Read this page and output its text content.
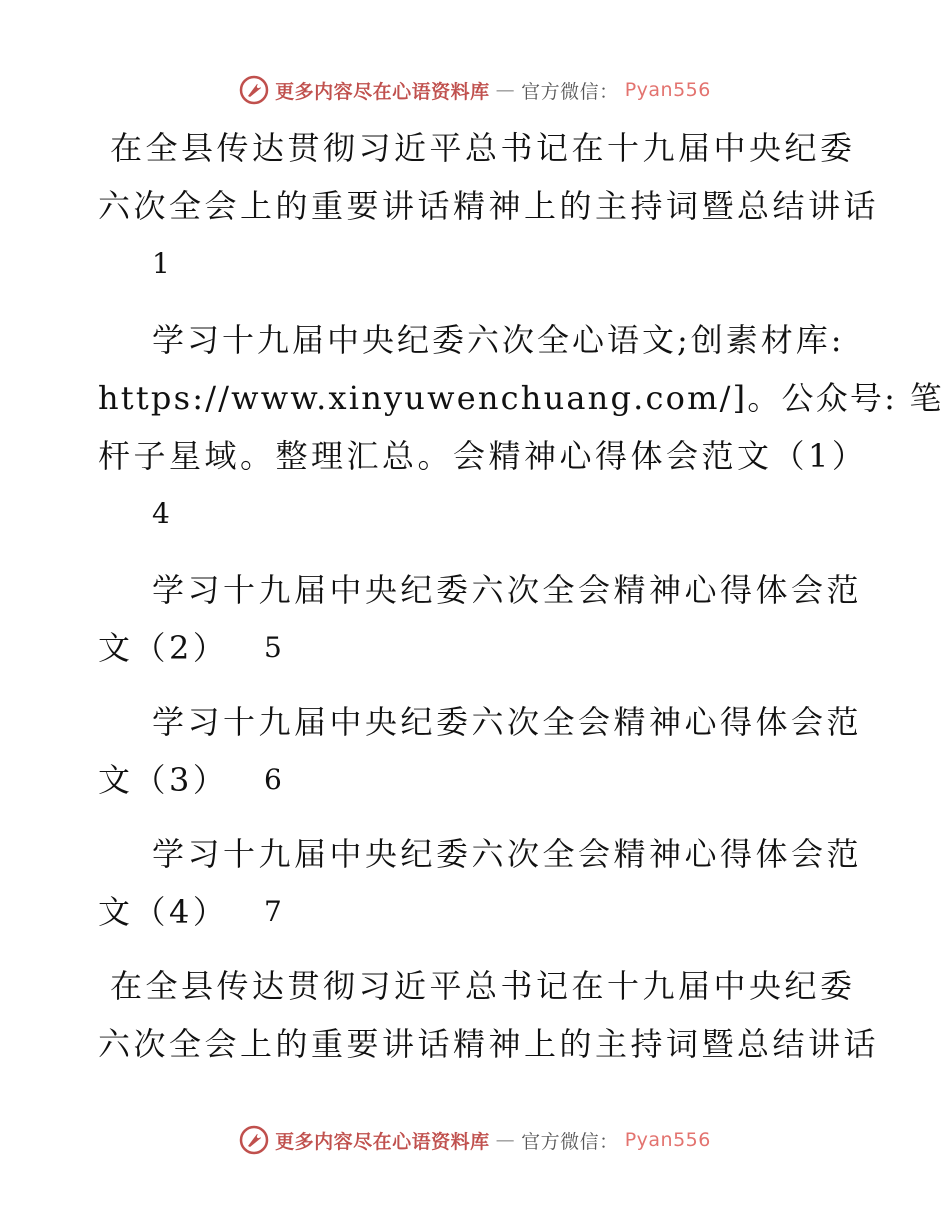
更多内容尽在心语资料库 — 官方微信： Pyan556
在全县传达贯彻习近平总书记在十九届中央纪委
六次全会上的重要讲话精神上的主持词暨总结讲话
1
学习十九届中央纪委六次全心语文;创素材库:
https://www.xinyuwenchuang.com/]。公众号: 笔
杆子星域。整理汇总。会精神心得体会范文（1）
4
学习十九届中央纪委六次全会精神心得体会范
文（2） 5
学习十九届中央纪委六次全会精神心得体会范
文（3） 6
学习十九届中央纪委六次全会精神心得体会范
文（4） 7
在全县传达贯彻习近平总书记在十九届中央纪委
六次全会上的重要讲话精神上的主持词暨总结讲话
更多内容尽在心语资料库 — 官方微信： Pyan556
